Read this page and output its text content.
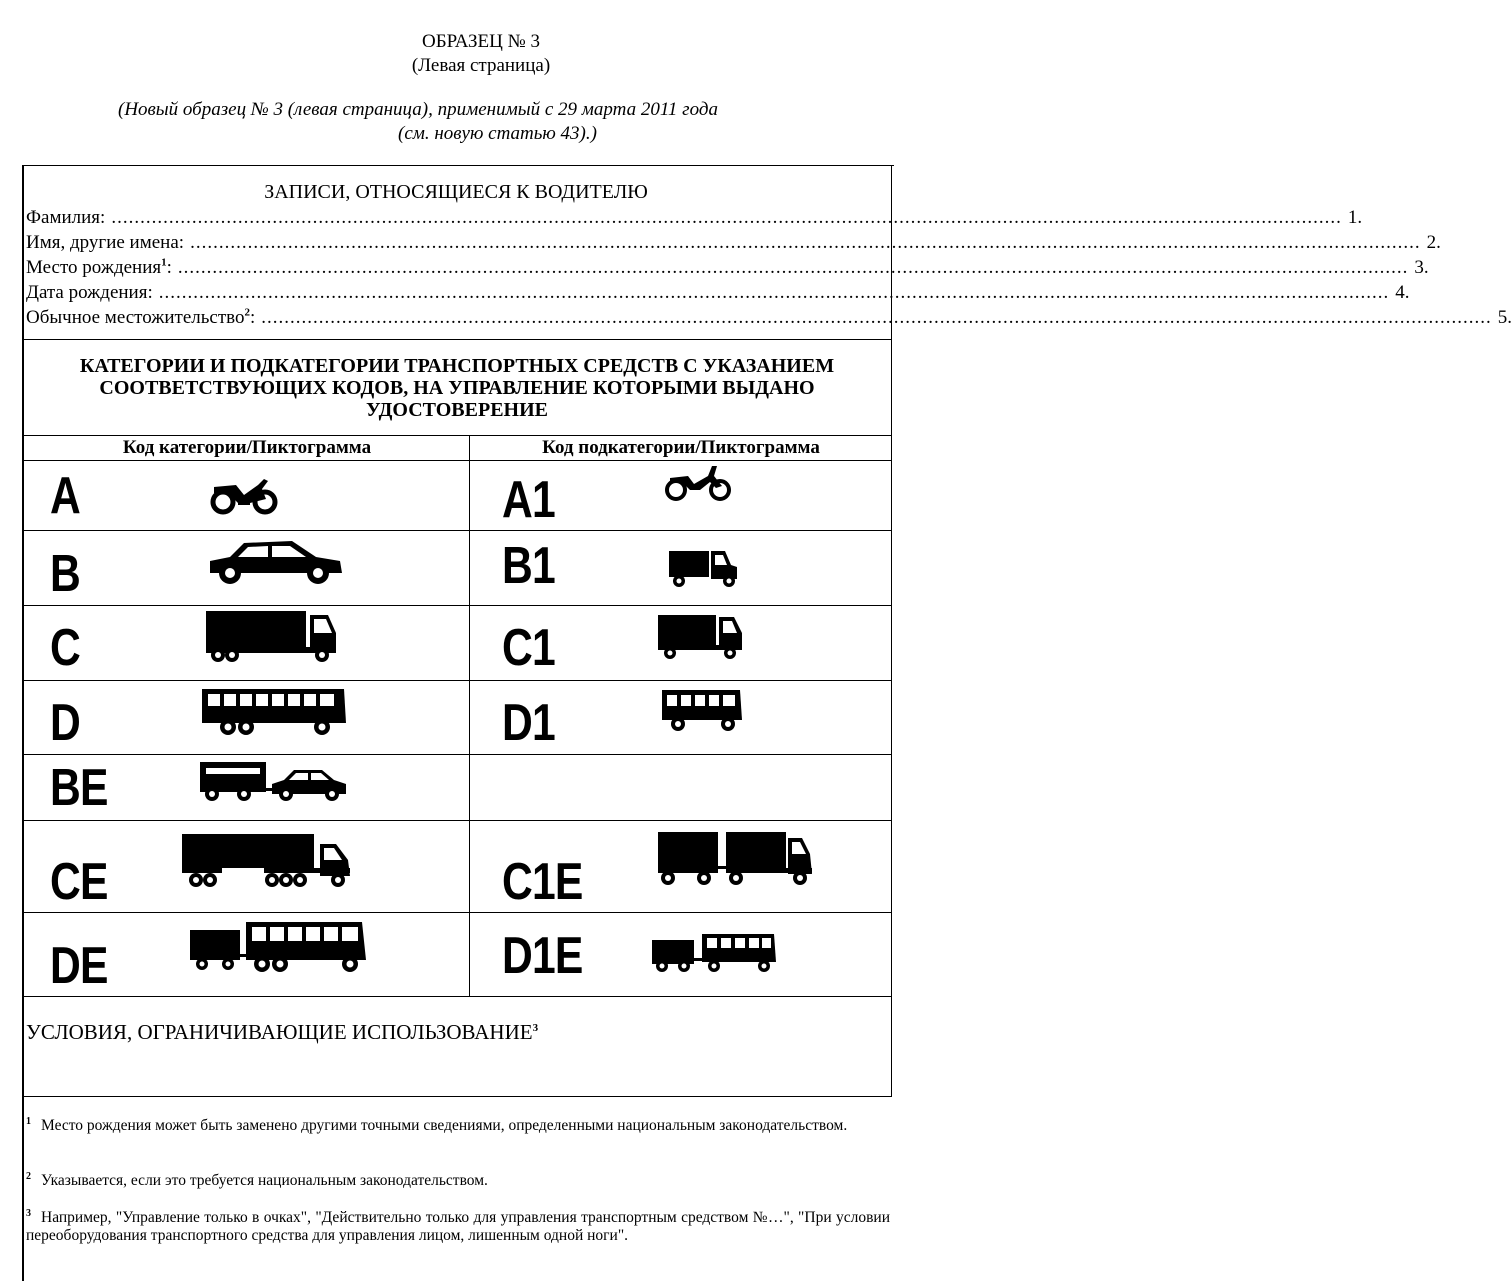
ОБРАЗЕЦ № 3
(Левая страница)
(Новый образец № 3 (левая страница), применимый с 29 марта 2011 года
(см. новую статью 43).)
ЗАПИСИ, ОТНОСЯЩИЕСЯ К ВОДИТЕЛЮ
Фамилия: ...................................................................................................................................................................................................................... 1.
Имя, другие имена: ...................................................................................................................................................................................................................... 2.
Место рождения$^1$: ...................................................................................................................................................................................................................... 3.
Дата рождения: ...................................................................................................................................................................................................................... 4.
Обычное местожительство$^2$: ...................................................................................................................................................................................................................... 5.
КАТЕГОРИИ И ПОДКАТЕГОРИИ ТРАНСПОРТНЫХ СРЕДСТВ С УКАЗАНИЕМ
СООТВЕТСТВУЮЩИХ КОДОВ, НА УПРАВЛЕНИЕ КОТОРЫМИ ВЫДАНО
УДОСТОВЕРЕНИЕ
Код категории/Пиктограмма	Код подкатегории/Пиктограмма
A	A1
B	B1
C	C1
D	D1
BE
CE	C1E
DE	D1E
УСЛОВИЯ, ОГРАНИЧИВАЮЩИЕ ИСПОЛЬЗОВАНИЕ$^3$
$^1$ Место рождения может быть заменено другими точными сведениями, определенными национальным законодательством.
$^2$ Указывается, если это требуется национальным законодательством.
$^3$ Например, "Управление только в очках", "Действительно только для управления транспортным средством №…", "При условии переоборудования транспортного средства для управления лицом, лишенным одной ноги".
